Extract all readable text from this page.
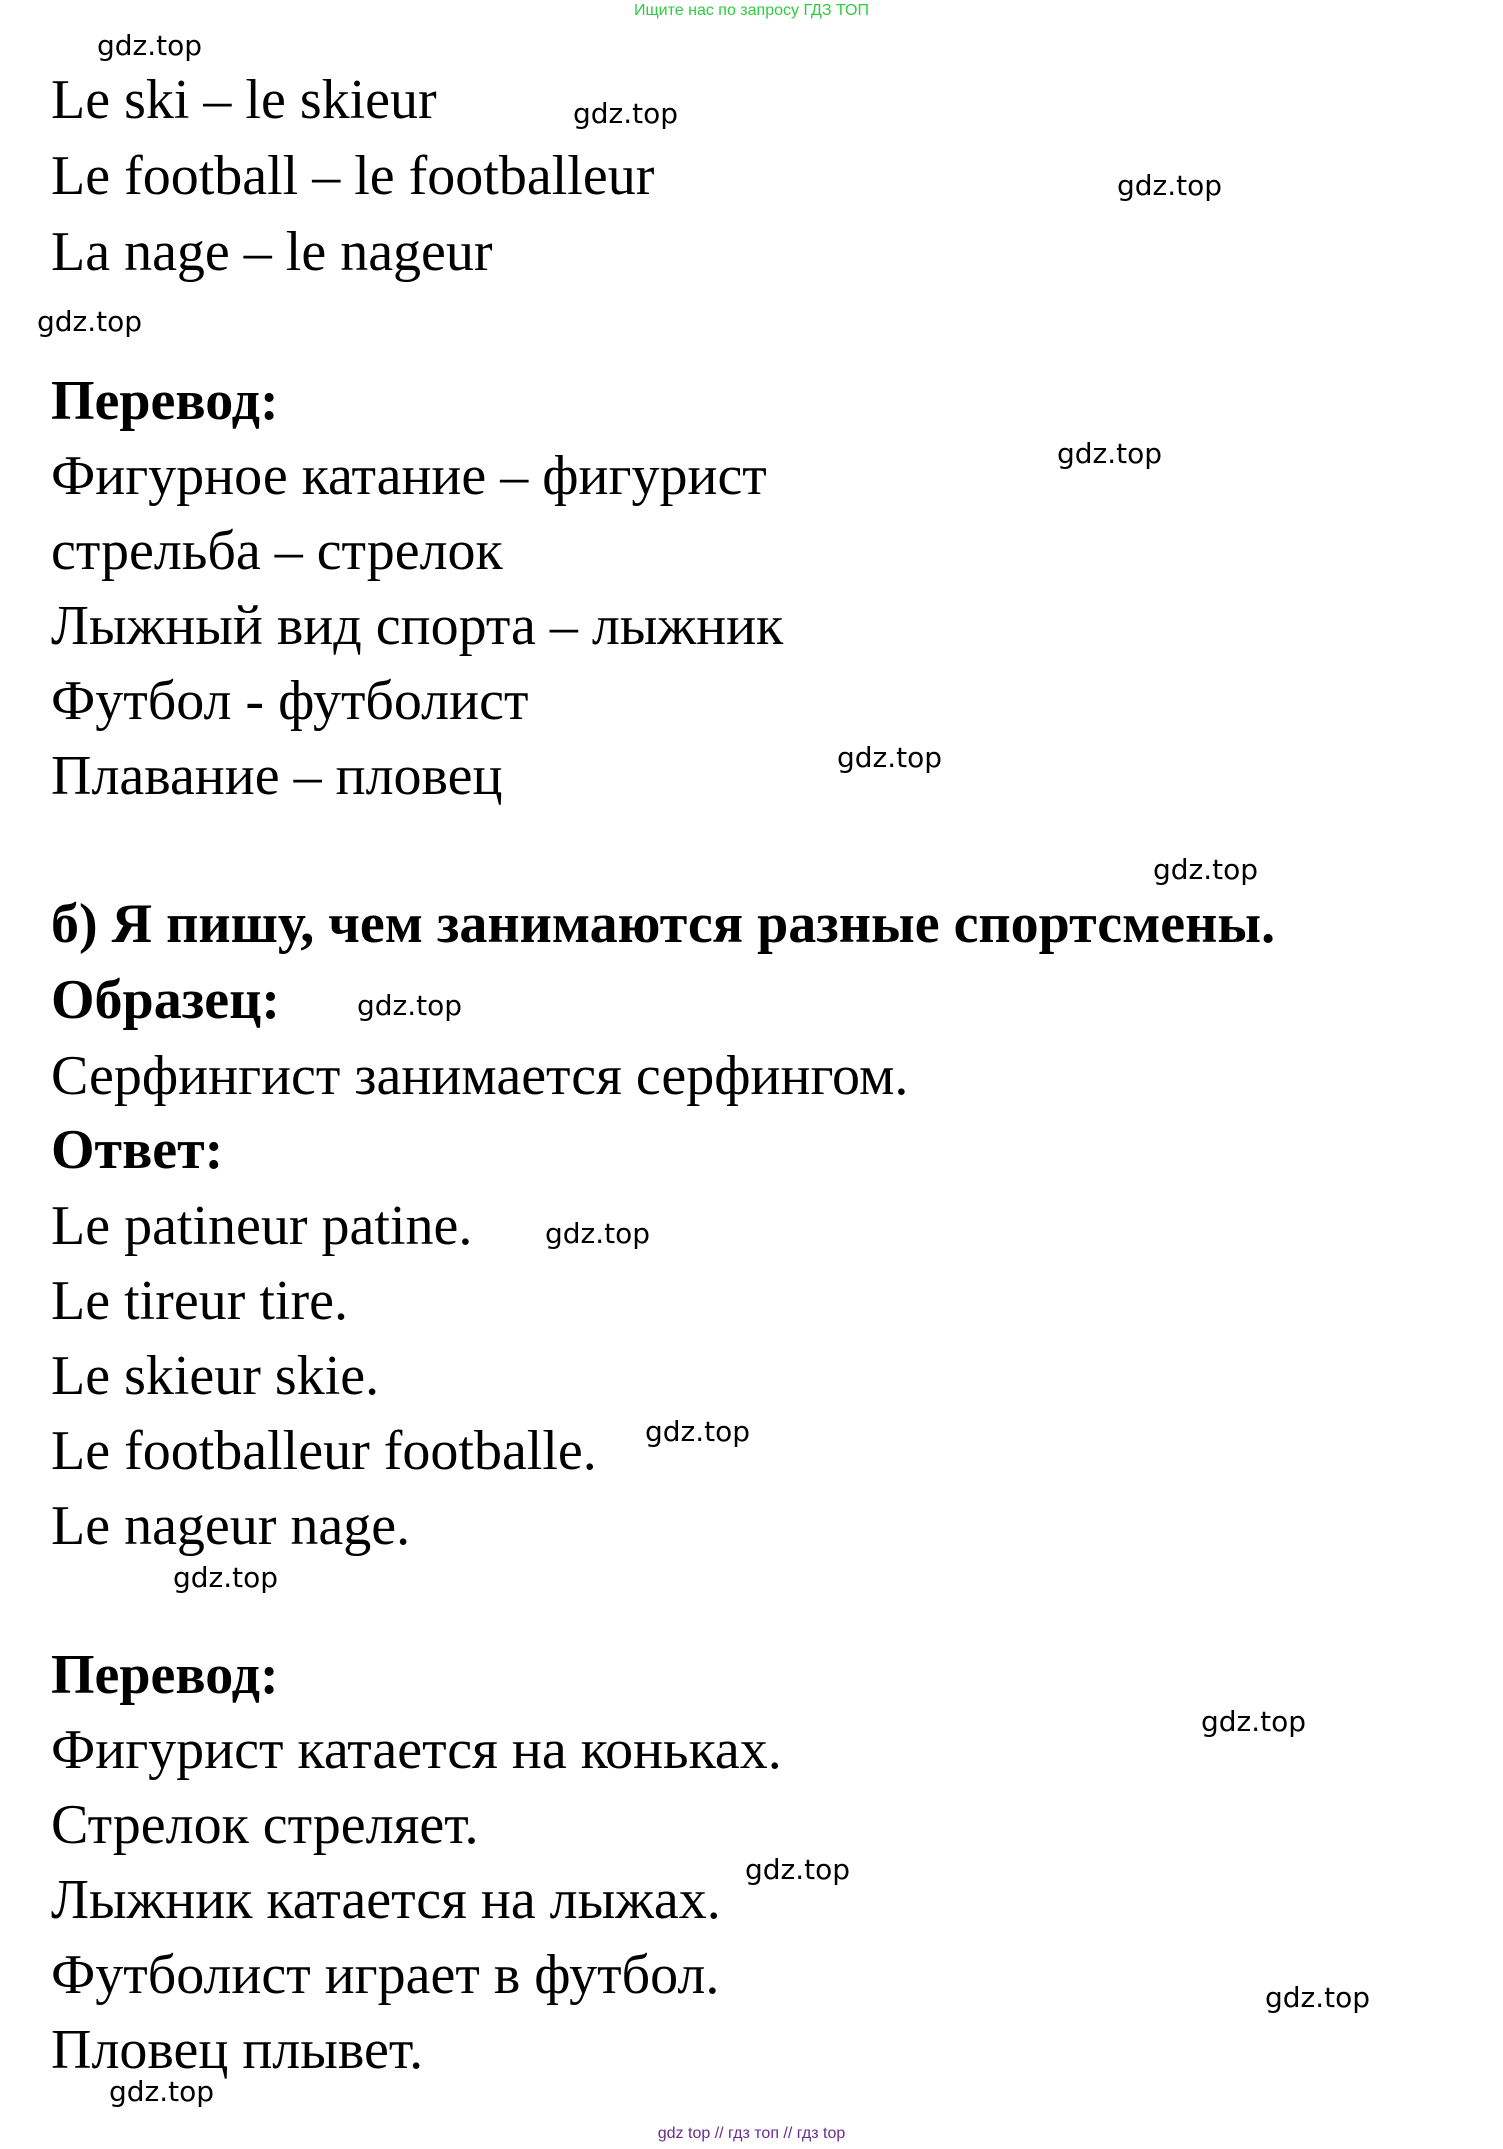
Ищите нас по запросу ГДЗ ТОП
Le ski – le skieur
Le football – le footballeur
La nage – le nageur
Перевод:
Фигурное катание – фигурист
стрельба – стрелок
Лыжный вид спорта – лыжник
Футбол - футболист
Плавание – пловец
б) Я пишу, чем занимаются разные спортсмены.
Образец:
Серфингист занимается серфингом.
Ответ:
Le patineur patine.
Le tireur tire.
Le skieur skie.
Le footballeur footballe.
Le nageur nage.
Перевод:
Фигурист катается на коньках.
Стрелок стреляет.
Лыжник катается на лыжах.
Футболист играет в футбол.
Пловец плывет.
gdz.top
gdz.top
gdz.top
gdz.top
gdz.top
gdz.top
gdz.top
gdz.top
gdz.top
gdz.top
gdz.top
gdz.top
gdz.top
gdz.top
gdz.top
gdz top // гдз топ // гдз top
